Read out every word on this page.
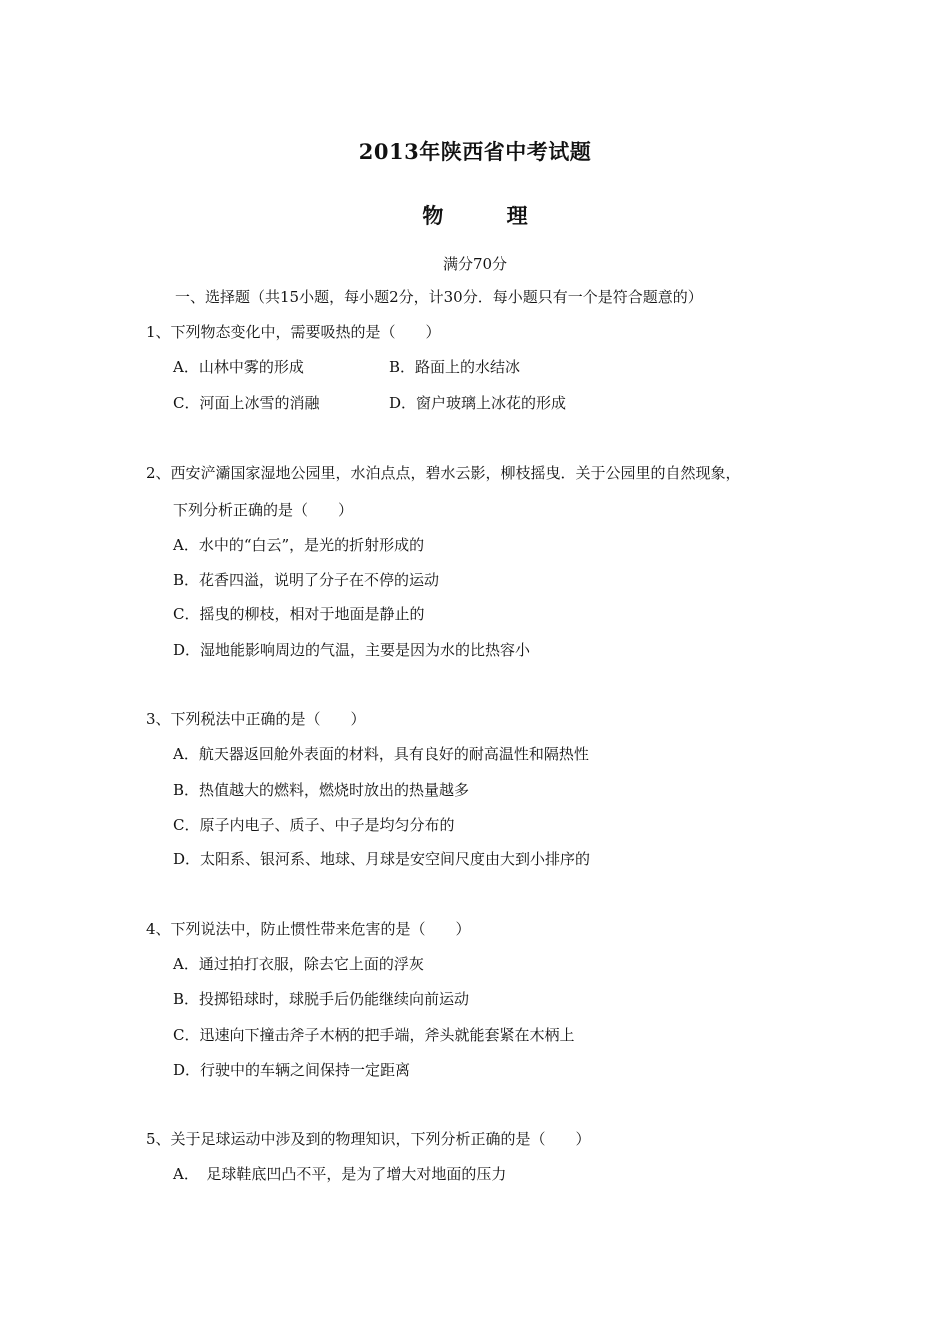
2013年陕西省中考试题
物 理
满分70分
一、选择题（共15小题，每小题2分，计30分．每小题只有一个是符合题意的）
1、下列物态变化中，需要吸热的是（　　）
A．山林中雾的形成	B．路面上的水结冰
C．河面上冰雪的消融	D．窗户玻璃上冰花的形成
2、西安浐灞国家湿地公园里，水泊点点，碧水云影，柳枝摇曳．关于公园里的自然现象，
下列分析正确的是（　　）
A．水中的“白云”，是光的折射形成的
B．花香四溢，说明了分子在不停的运动
C．摇曳的柳枝，相对于地面是静止的
D．湿地能影响周边的气温，主要是因为水的比热容小
3、下列税法中正确的是（　　）
A．航天器返回舱外表面的材料，具有良好的耐高温性和隔热性
B．热值越大的燃料，燃烧时放出的热量越多
C．原子内电子、质子、中子是均匀分布的
D．太阳系、银河系、地球、月球是安空间尺度由大到小排序的
4、下列说法中，防止惯性带来危害的是（　　）
A．通过拍打衣服，除去它上面的浮灰
B．投掷铅球时，球脱手后仍能继续向前运动
C．迅速向下撞击斧子木柄的把手端，斧头就能套紧在木柄上
D．行驶中的车辆之间保持一定距离
5、关于足球运动中涉及到的物理知识，下列分析正确的是（　　）
A．　足球鞋底凹凸不平，是为了增大对地面的压力
